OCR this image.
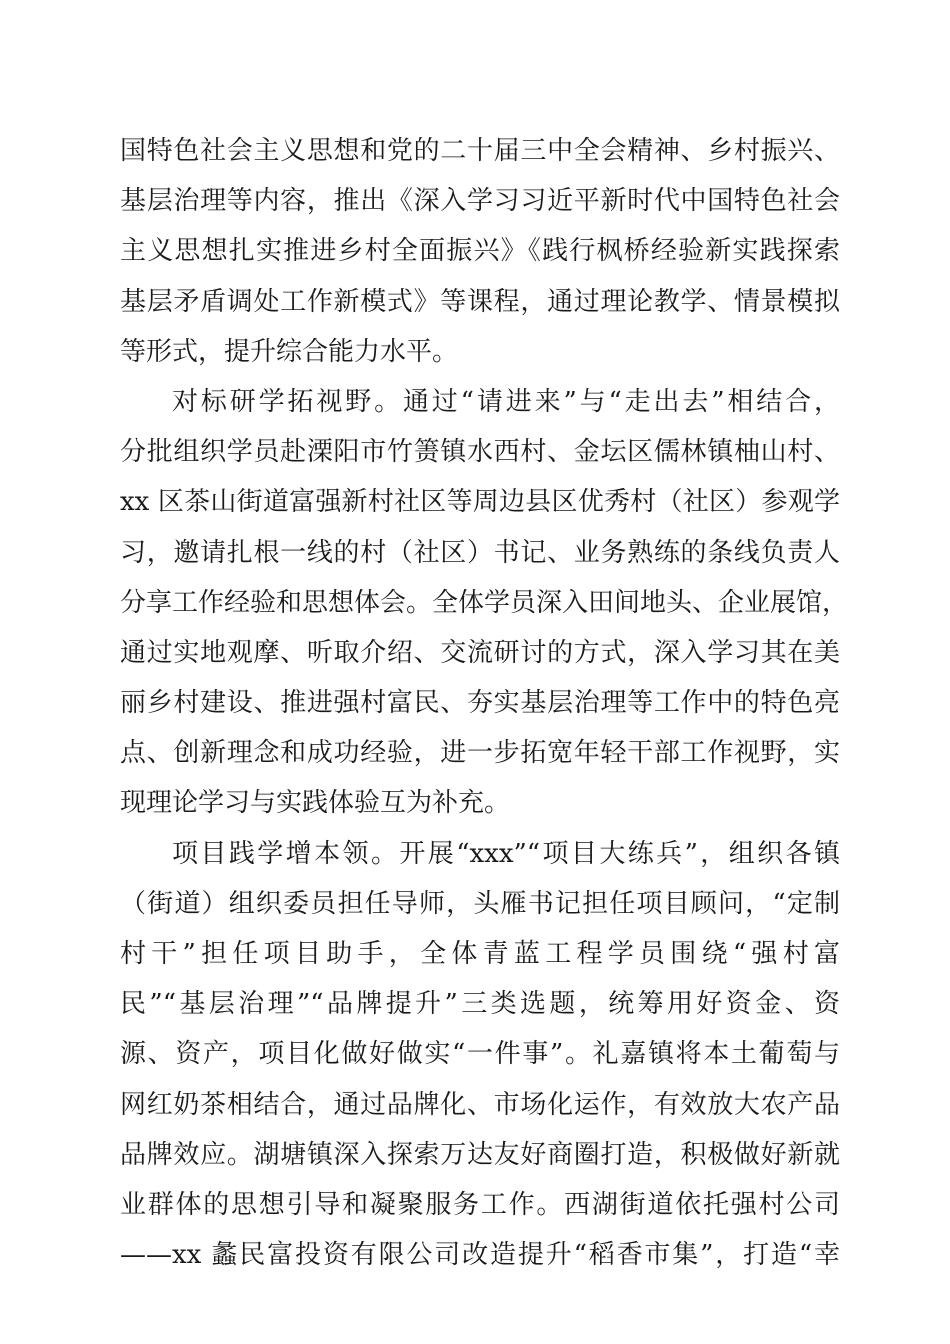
国特色社会主义思想和党的二十届三中全会精神、乡村振兴、
基层治理等内容，推出《深入学习习近平新时代中国特色社会
主义思想扎实推进乡村全面振兴》《践行枫桥经验新实践探索
基层矛盾调处工作新模式》等课程，通过理论教学、情景模拟
等形式，提升综合能力水平。
对标研学拓视野。通过“请进来”与“走出去”相结合，
分批组织学员赴溧阳市竹箦镇水西村、金坛区儒林镇柚山村、
xx 区茶山街道富强新村社区等周边县区优秀村（社区）参观学
习，邀请扎根一线的村（社区）书记、业务熟练的条线负责人
分享工作经验和思想体会。全体学员深入田间地头、企业展馆，
通过实地观摩、听取介绍、交流研讨的方式，深入学习其在美
丽乡村建设、推进强村富民、夯实基层治理等工作中的特色亮
点、创新理念和成功经验，进一步拓宽年轻干部工作视野，实
现理论学习与实践体验互为补充。
项目践学增本领。开展“xxx”“项目大练兵”，组织各镇
（街道）组织委员担任导师，头雁书记担任项目顾问，“定制
村干”担任项目助手，全体青蓝工程学员围绕“强村富
民”“基层治理”“品牌提升”三类选题，统筹用好资金、资
源、资产，项目化做好做实“一件事”。礼嘉镇将本土葡萄与
网红奶茶相结合，通过品牌化、市场化运作，有效放大农产品
品牌效应。湖塘镇深入探索万达友好商圈打造，积极做好新就
业群体的思想引导和凝聚服务工作。西湖街道依托强村公司
——xx 蠡民富投资有限公司改造提升“稻香市集”，打造“幸
